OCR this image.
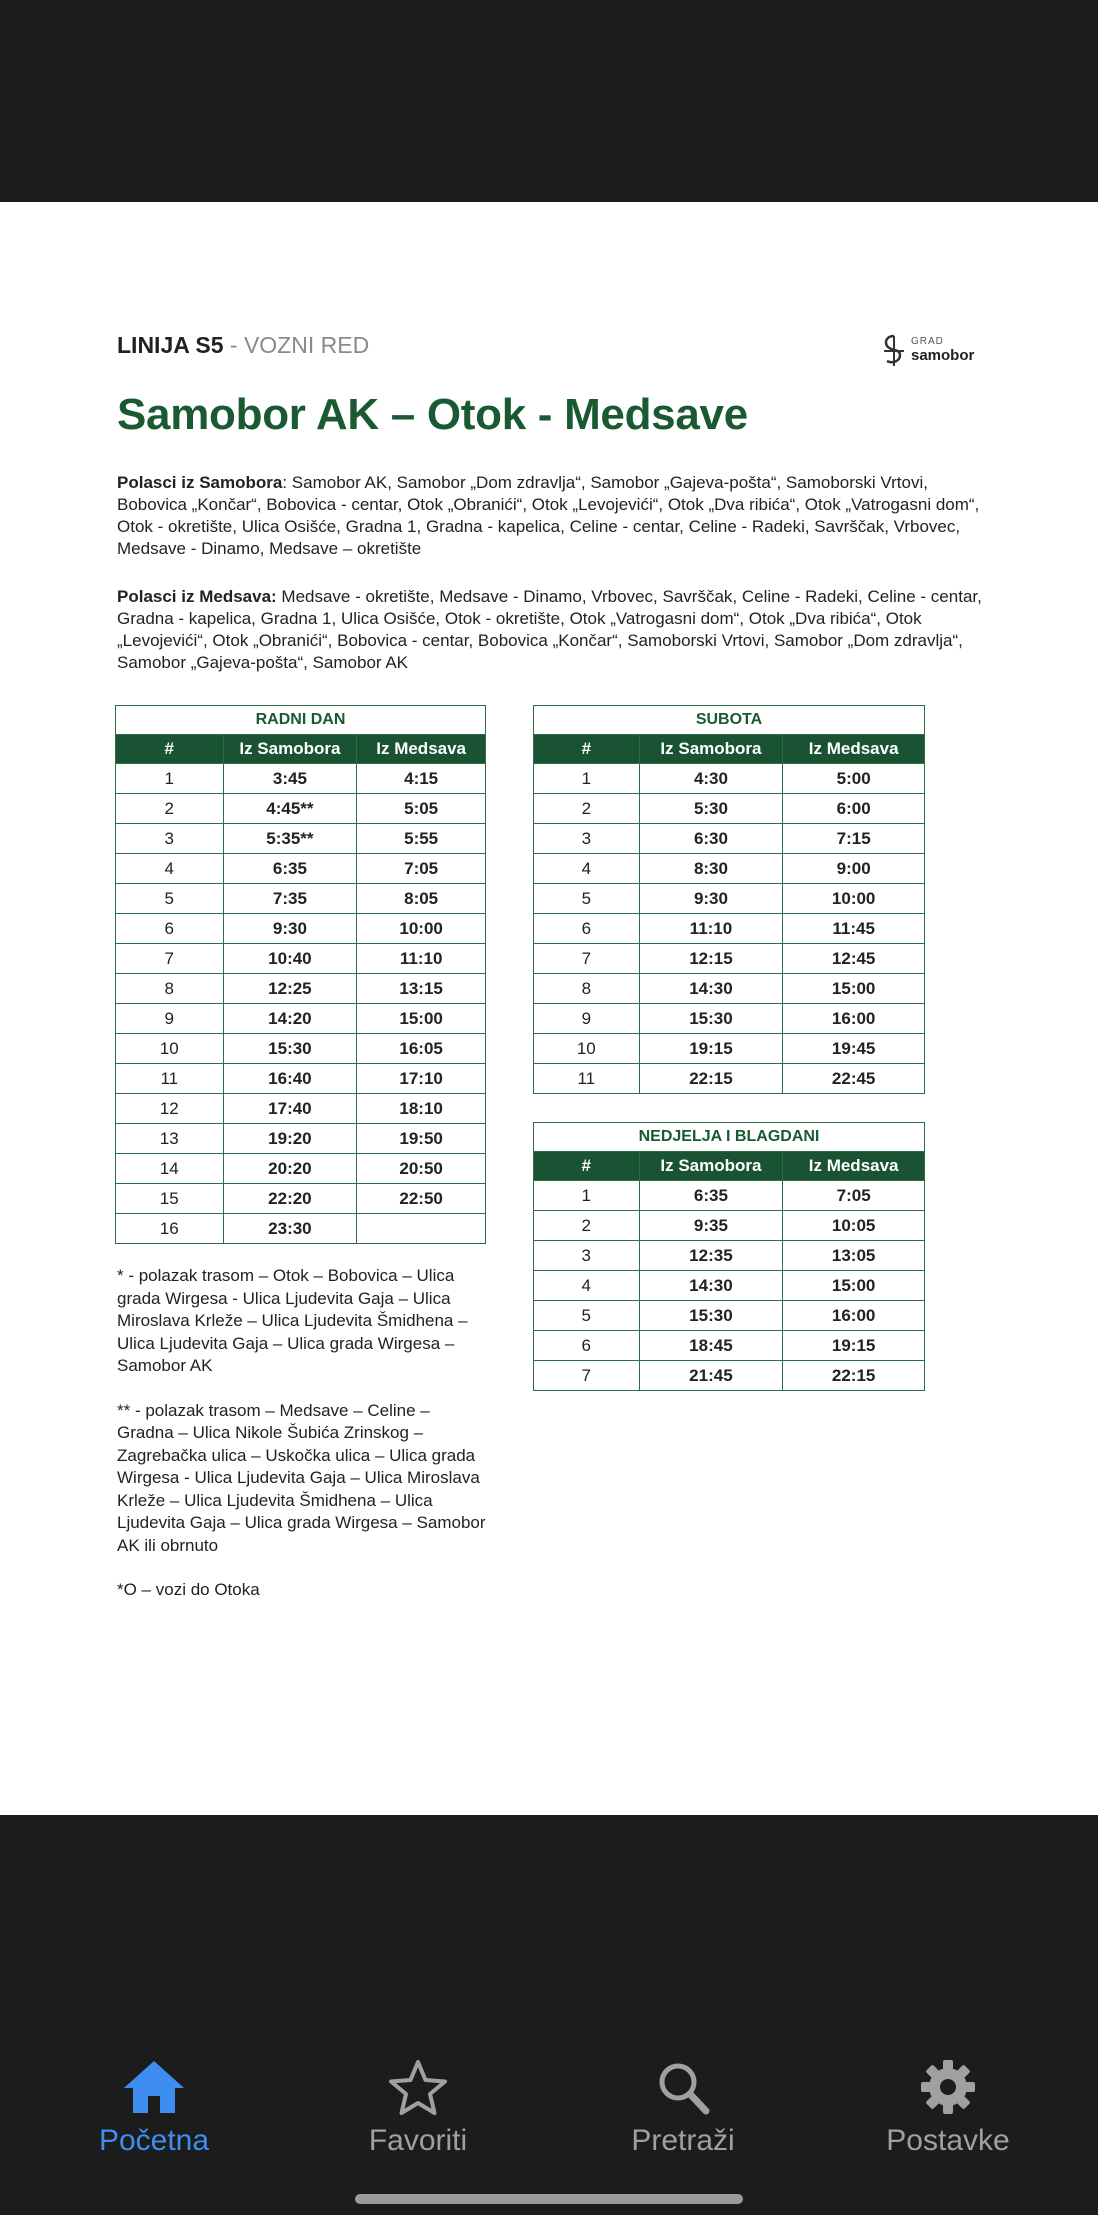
LINIJA S5 - VOZNI RED	GRAD
samobor
Samobor AK – Otok - Medsave
Polasci iz Samobora: Samobor AK, Samobor „Dom zdravlja“, Samobor „Gajeva-pošta“, Samoborski Vrtovi, Bobovica „Končar“, Bobovica - centar, Otok „Obranići“, Otok „Levojevići“, Otok „Dva ribića“, Otok „Vatrogasni dom“, Otok - okretište, Ulica Osišće, Gradna 1, Gradna - kapelica, Celine - centar, Celine - Radeki, Savrščak, Vrbovec, Medsave - Dinamo, Medsave – okretište
Polasci iz Medsava: Medsave - okretište, Medsave - Dinamo, Vrbovec, Savrščak, Celine - Radeki, Celine - centar, Gradna - kapelica, Gradna 1, Ulica Osišće, Otok - okretište, Otok „Vatrogasni dom“, Otok „Dva ribića“, Otok „Levojevići“, Otok „Obranići“, Bobovica - centar, Bobovica „Končar“, Samoborski Vrtovi, Samobor „Dom zdravlja“, Samobor „Gajeva-pošta“, Samobor AK
RADNI DAN		
#	Iz Samobora	Iz Medsava
1	3:45	4:15
2	4:45**	5:05
3	5:35**	5:55
4	6:35	7:05
5	7:35	8:05
6	9:30	10:00
7	10:40	11:10
8	12:25	13:15
9	14:20	15:00
10	15:30	16:05
11	16:40	17:10
12	17:40	18:10
13	19:20	19:50
14	20:20	20:50
15	22:20	22:50
16	23:30	
SUBOTA		
#	Iz Samobora	Iz Medsava
1	4:30	5:00
2	5:30	6:00
3	6:30	7:15
4	8:30	9:00
5	9:30	10:00
6	11:10	11:45
7	12:15	12:45
8	14:30	15:00
9	15:30	16:00
10	19:15	19:45
11	22:15	22:45
NEDJELJA I BLAGDANI		
#	Iz Samobora	Iz Medsava
1	6:35	7:05
2	9:35	10:05
3	12:35	13:05
4	14:30	15:00
5	15:30	16:00
6	18:45	19:15
7	21:45	22:15

* - polazak trasom – Otok – Bobovica – Ulica grada Wirgesa - Ulica Ljudevita Gaja – Ulica Miroslava Krleže – Ulica Ljudevita Šmidhena – Ulica Ljudevita Gaja – Ulica grada Wirgesa – Samobor AK

** - polazak trasom – Medsave – Celine – Gradna – Ulica Nikole Šubića Zrinskog – Zagrebačka ulica – Uskočka ulica – Ulica grada Wirgesa - Ulica Ljudevita Gaja – Ulica Miroslava Krleže – Ulica Ljudevita Šmidhena – Ulica Ljudevita Gaja – Ulica grada Wirgesa – Samobor AK ili obrnuto

*O – vozi do Otoka

Početna	Favoriti	Pretraži	Postavke
